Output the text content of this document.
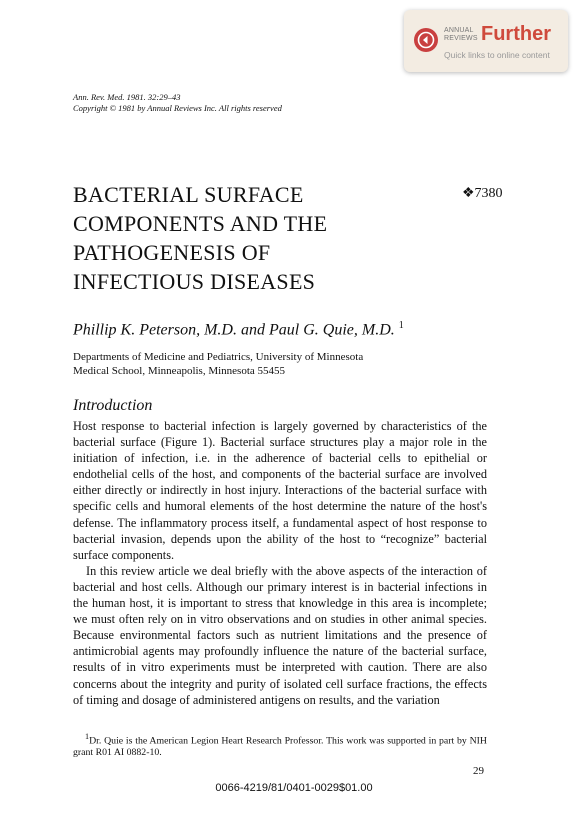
ANNUAL
REVIEWS Further
Quick links to online content
Ann. Rev. Med. 1981. 32:29–43
Copyright © 1981 by Annual Reviews Inc. All rights reserved
BACTERIAL SURFACE
COMPONENTS AND THE
PATHOGENESIS OF
INFECTIOUS DISEASES
❖7380
Phillip K. Peterson, M.D. and Paul G. Quie, M.D. $^1$
Departments of Medicine and Pediatrics, University of Minnesota
Medical School, Minneapolis, Minnesota 55455
Introduction

Host response to bacterial infection is largely governed by characteristics of the bacterial surface (Figure 1). Bacterial surface structures play a major role in the initiation of infection, i.e. in the adherence of bacterial cells to epithelial or endothelial cells of the host, and components of the bacterial surface are involved either directly or indirectly in host injury. Interactions of the bacterial surface with specific cells and humoral elements of the host determine the nature of the host's defense. The inflammatory process itself, a fundamental aspect of host response to bacterial invasion, depends upon the ability of the host to “recognize” bacterial surface components.

In this review article we deal briefly with the above aspects of the interaction of bacterial and host cells. Although our primary interest is in bacterial infections in the human host, it is important to stress that knowledge in this area is incomplete; we must often rely on in vitro observations and on studies in other animal species. Because environmental factors such as nutrient limitations and the presence of antimicrobial agents may profoundly influence the nature of the bacterial surface, results of in vitro experiments must be interpreted with caution. There are also concerns about the integrity and purity of isolated cell surface fractions, the effects of timing and dosage of administered antigens on results, and the variation

$^1$Dr. Quie is the American Legion Heart Research Professor. This work was supported in part by NIH grant R01 AI 0882-10.

29
0066-4219/81/0401-0029$01.00
